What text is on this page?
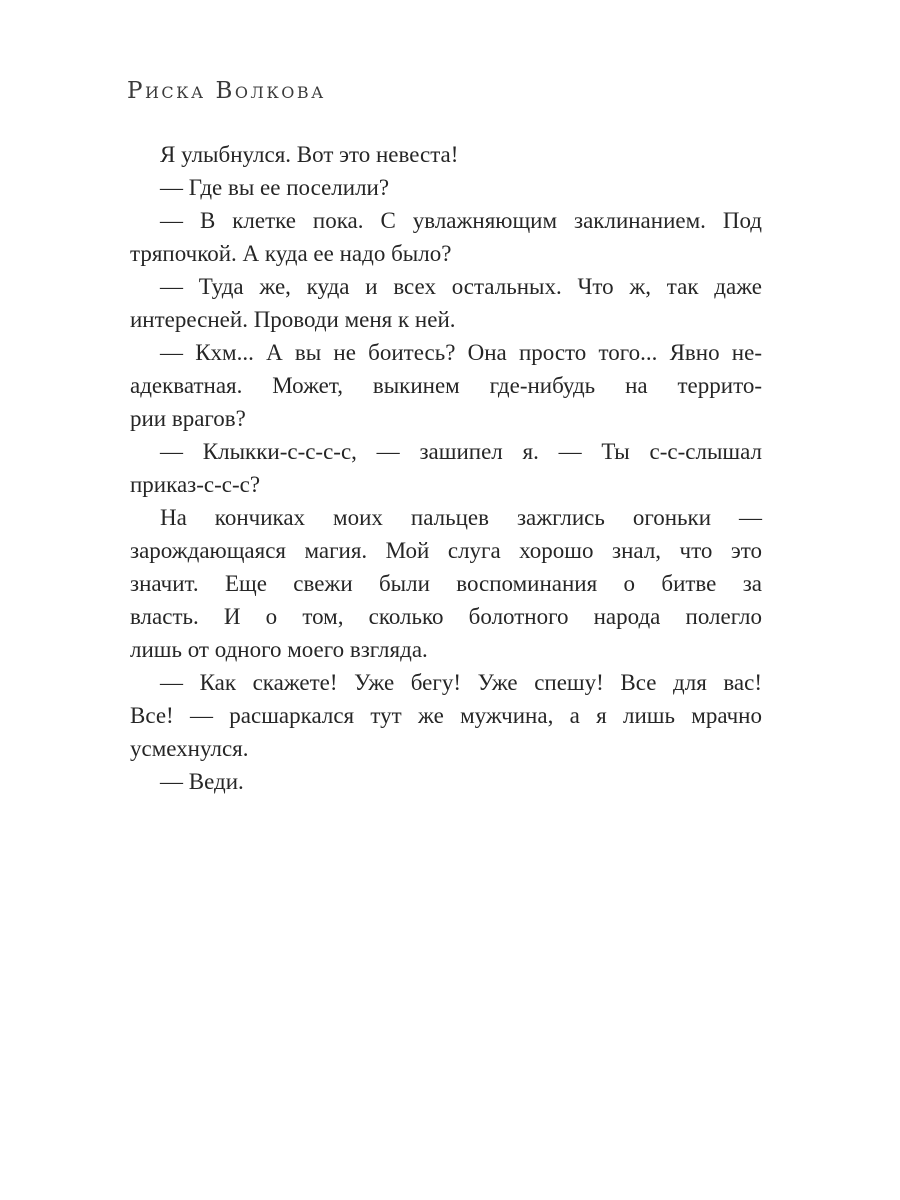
Риска Волкова

Я улыбнулся. Вот это невеста!

— Где вы ее поселили?

— В клетке пока. С увлажняющим заклинанием. Под
тряпочкой. А куда ее надо было?

— Туда же, куда и всех остальных. Что ж, так даже
интересней. Проводи меня к ней.

— Кхм... А вы не боитесь? Она просто того... Явно не-
адекватная. Может, выкинем где-нибудь на террито-
рии врагов?

— Клыкки-с-с-с-с, — зашипел я. — Ты с-с-слышал
приказ-с-с-с?

На кончиках моих пальцев зажглись огоньки —
зарождающаяся магия. Мой слуга хорошо знал, что это
значит. Еще свежи были воспоминания о битве за
власть. И о том, сколько болотного народа полегло
лишь от одного моего взгляда.

— Как скажете! Уже бегу! Уже спешу! Все для вас!
Все! — расшаркался тут же мужчина, а я лишь мрачно
усмехнулся.

— Веди.
